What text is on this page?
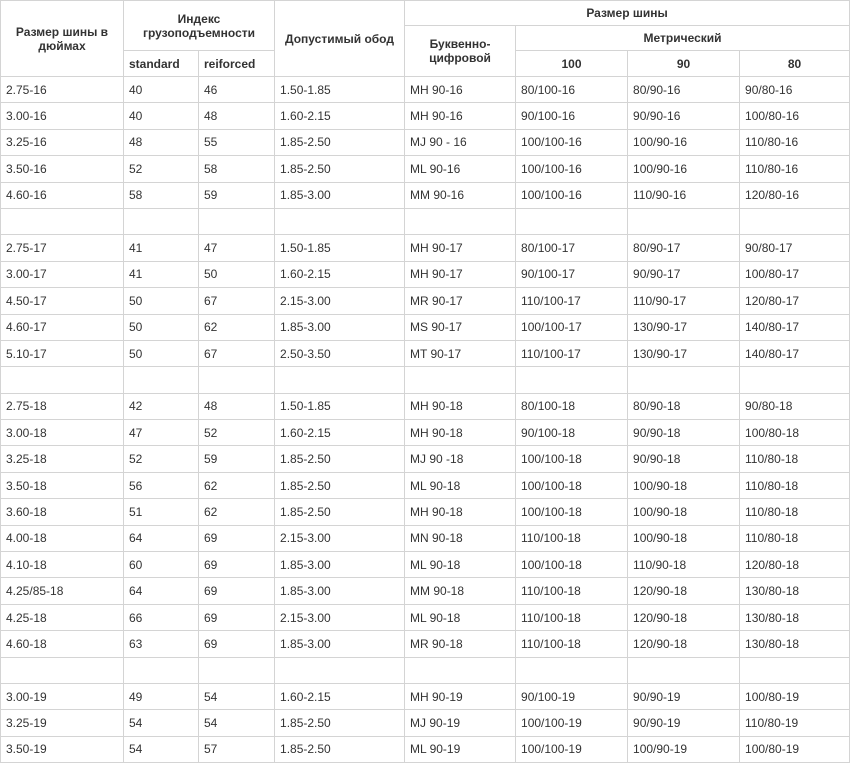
Размер шины в дюймах	Индекс грузоподъемности		Допустимый обод	Размер шины			
				Буквенно-цифровой	Метрический		
	standard	reiforced			100	90	80
2.75-16	40	46	1.50-1.85	MH 90-16	80/100-16	80/90-16	90/80-16
3.00-16	40	48	1.60-2.15	MH 90-16	90/100-16	90/90-16	100/80-16
3.25-16	48	55	1.85-2.50	MJ 90 - 16	100/100-16	100/90-16	110/80-16
3.50-16	52	58	1.85-2.50	ML 90-16	100/100-16	100/90-16	110/80-16
4.60-16	58	59	1.85-3.00	MM 90-16	100/100-16	110/90-16	120/80-16

2.75-17	41	47	1.50-1.85	MH 90-17	80/100-17	80/90-17	90/80-17
3.00-17	41	50	1.60-2.15	MH 90-17	90/100-17	90/90-17	100/80-17
4.50-17	50	67	2.15-3.00	MR 90-17	110/100-17	110/90-17	120/80-17
4.60-17	50	62	1.85-3.00	MS 90-17	100/100-17	130/90-17	140/80-17
5.10-17	50	67	2.50-3.50	MT 90-17	110/100-17	130/90-17	140/80-17

2.75-18	42	48	1.50-1.85	MH 90-18	80/100-18	80/90-18	90/80-18
3.00-18	47	52	1.60-2.15	MH 90-18	90/100-18	90/90-18	100/80-18
3.25-18	52	59	1.85-2.50	MJ 90 -18	100/100-18	90/90-18	110/80-18
3.50-18	56	62	1.85-2.50	ML 90-18	100/100-18	100/90-18	110/80-18
3.60-18	51	62	1.85-2.50	MH 90-18	100/100-18	100/90-18	110/80-18
4.00-18	64	69	2.15-3.00	MN 90-18	110/100-18	100/90-18	110/80-18
4.10-18	60	69	1.85-3.00	ML 90-18	100/100-18	110/90-18	120/80-18
4.25/85-18	64	69	1.85-3.00	MM 90-18	110/100-18	120/90-18	130/80-18
4.25-18	66	69	2.15-3.00	ML 90-18	110/100-18	120/90-18	130/80-18
4.60-18	63	69	1.85-3.00	MR 90-18	110/100-18	120/90-18	130/80-18

3.00-19	49	54	1.60-2.15	MH 90-19	90/100-19	90/90-19	100/80-19
3.25-19	54	54	1.85-2.50	MJ 90-19	100/100-19	90/90-19	110/80-19
3.50-19	54	57	1.85-2.50	ML 90-19	100/100-19	100/90-19	100/80-19
